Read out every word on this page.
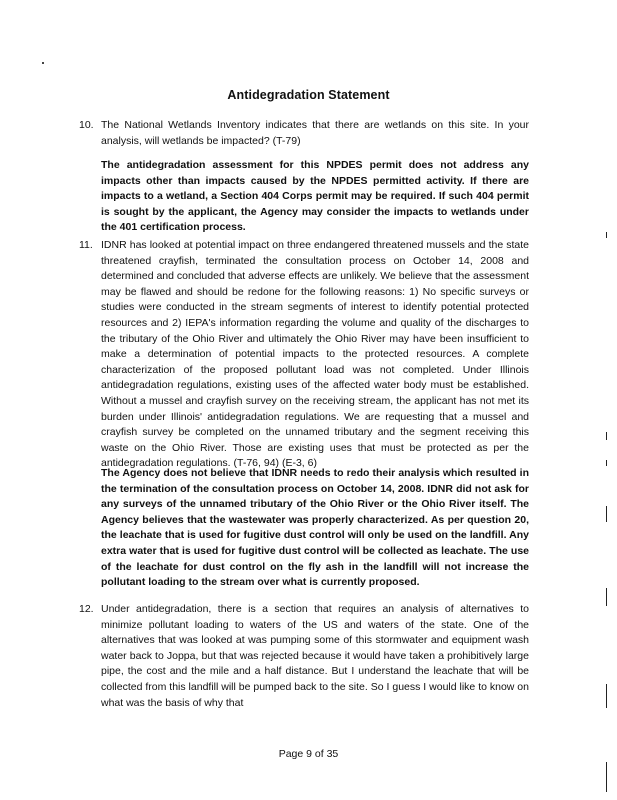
Antidegradation Statement
10. The National Wetlands Inventory indicates that there are wetlands on this site. In your analysis, will wetlands be impacted? (T-79)
The antidegradation assessment for this NPDES permit does not address any impacts other than impacts caused by the NPDES permitted activity. If there are impacts to a wetland, a Section 404 Corps permit may be required. If such 404 permit is sought by the applicant, the Agency may consider the impacts to wetlands under the 401 certification process.
11. IDNR has looked at potential impact on three endangered threatened mussels and the state threatened crayfish, terminated the consultation process on October 14, 2008 and determined and concluded that adverse effects are unlikely. We believe that the assessment may be flawed and should be redone for the following reasons: 1) No specific surveys or studies were conducted in the stream segments of interest to identify potential protected resources and 2) IEPA's information regarding the volume and quality of the discharges to the tributary of the Ohio River and ultimately the Ohio River may have been insufficient to make a determination of potential impacts to the protected resources. A complete characterization of the proposed pollutant load was not completed. Under Illinois antidegradation regulations, existing uses of the affected water body must be established. Without a mussel and crayfish survey on the receiving stream, the applicant has not met its burden under Illinois' antidegradation regulations. We are requesting that a mussel and crayfish survey be completed on the unnamed tributary and the segment receiving this waste on the Ohio River. Those are existing uses that must be protected as per the antidegradation regulations. (T-76, 94) (E-3, 6)
The Agency does not believe that IDNR needs to redo their analysis which resulted in the termination of the consultation process on October 14, 2008. IDNR did not ask for any surveys of the unnamed tributary of the Ohio River or the Ohio River itself. The Agency believes that the wastewater was properly characterized. As per question 20, the leachate that is used for fugitive dust control will only be used on the landfill. Any extra water that is used for fugitive dust control will be collected as leachate. The use of the leachate for dust control on the fly ash in the landfill will not increase the pollutant loading to the stream over what is currently proposed.
12. Under antidegradation, there is a section that requires an analysis of alternatives to minimize pollutant loading to waters of the US and waters of the state. One of the alternatives that was looked at was pumping some of this stormwater and equipment wash water back to Joppa, but that was rejected because it would have taken a prohibitively large pipe, the cost and the mile and a half distance. But I understand the leachate that will be collected from this landfill will be pumped back to the site. So I guess I would like to know on what was the basis of why that
Page 9 of 35
